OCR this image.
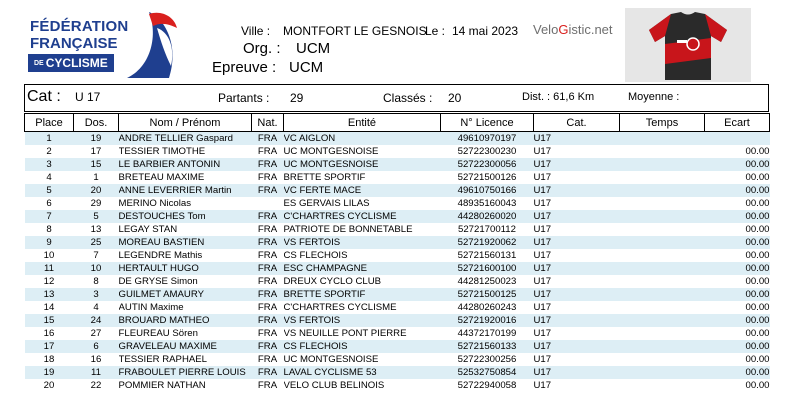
FÉDÉRATION
FRANÇAISE
DE CYCLISME
Ville : MONTFORT LE GESNOIS
Le : 14 mai 2023
Org. : UCM
Epreuve : UCM
VeloGistic.net
Cat : U 17	Partants : 29	Classés : 20	Dist. : 61,6 Km	Moyenne :
Place	Dos.	Nom / Prénom	Nat.	Entité	N° Licence	Cat.	Temps	Ecart
1	19	ANDRE TELLIER Gaspard	FRA	VC AIGLON	49610970197	U17		
2	17	TESSIER TIMOTHE	FRA	UC MONTGESNOISE	52722300230	U17		00.00
3	15	LE BARBIER ANTONIN	FRA	UC MONTGESNOISE	52722300056	U17		00.00
4	1	BRETEAU MAXIME	FRA	BRETTE SPORTIF	52721500126	U17		00.00
5	20	ANNE LEVERRIER Martin	FRA	VC FERTE MACE	49610750166	U17		00.00
6	29	MERINO Nicolas		ES GERVAIS LILAS	48935160043	U17		00.00
7	5	DESTOUCHES Tom	FRA	C'CHARTRES CYCLISME	44280260020	U17		00.00
8	13	LEGAY STAN	FRA	PATRIOTE DE BONNETABLE	52721700112	U17		00.00
9	25	MOREAU BASTIEN	FRA	VS FERTOIS	52721920062	U17		00.00
10	7	LEGENDRE Mathis	FRA	CS FLECHOIS	52721560131	U17		00.00
11	10	HERTAULT HUGO	FRA	ESC CHAMPAGNE	52721600100	U17		00.00
12	8	DE GRYSE Simon	FRA	DREUX CYCLO CLUB	44281250023	U17		00.00
13	3	GUILMET AMAURY	FRA	BRETTE SPORTIF	52721500125	U17		00.00
14	4	AUTIN Maxime	FRA	C'CHARTRES CYCLISME	44280260243	U17		00.00
15	24	BROUARD MATHEO	FRA	VS FERTOIS	52721920016	U17		00.00
16	27	FLEUREAU Sören	FRA	VS NEUILLE PONT PIERRE	44372170199	U17		00.00
17	6	GRAVELEAU MAXIME	FRA	CS FLECHOIS	52721560133	U17		00.00
18	16	TESSIER RAPHAEL	FRA	UC MONTGESNOISE	52722300256	U17		00.00
19	11	FRABOULET PIERRE LOUIS	FRA	LAVAL CYCLISME 53	52532750854	U17		00.00
20	22	POMMIER NATHAN	FRA	VELO CLUB BELINOIS	52722940058	U17		00.00
